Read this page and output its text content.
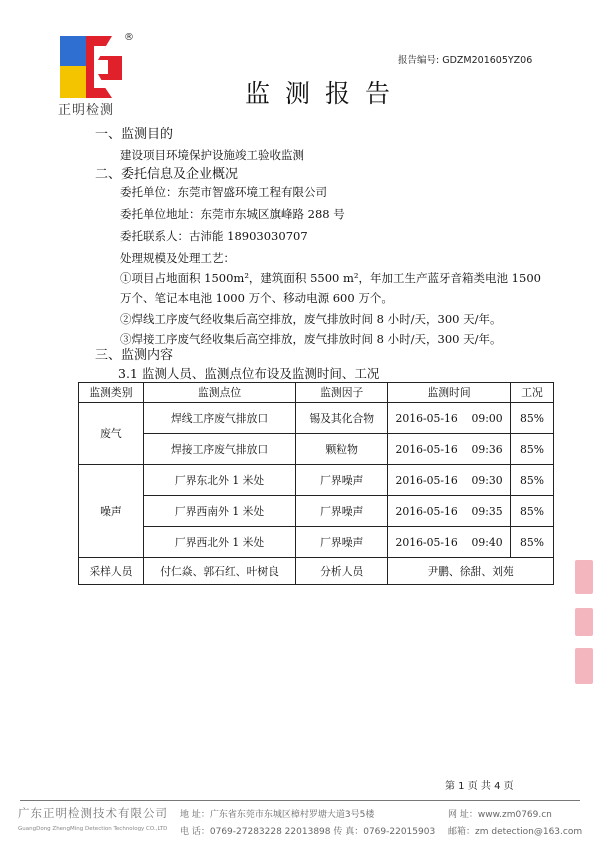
®
正明检测
报告编号: GDZM201605YZ06
监测报告
一、监测目的
建设项目环境保护设施竣工验收监测
二、委托信息及企业概况
委托单位：东莞市智盛环境工程有限公司
委托单位地址：东莞市东城区旗峰路 288 号
委托联系人：古沛能 18903030707
处理规模及处理工艺：
①项目占地面积 1500m²，建筑面积 5500 m²，年加工生产蓝牙音箱类电池 1500
万个、笔记本电池 1000 万个、移动电源 600 万个。
②焊线工序废气经收集后高空排放，废气排放时间 8 小时/天，300 天/年。
③焊接工序废气经收集后高空排放，废气排放时间 8 小时/天，300 天/年。
三、监测内容
3.1 监测人员、监测点位布设及监测时间、工况
监测类别	监测点位	监测因子	监测时间	工况
废气	焊线工序废气排放口	锡及其化合物	2016-05-16    09:00	85%
	焊接工序废气排放口	颗粒物	2016-05-16    09:36	85%
噪声	厂界东北外 1 米处	厂界噪声	2016-05-16    09:30	85%
	厂界西南外 1 米处	厂界噪声	2016-05-16    09:35	85%
	厂界西北外 1 米处	厂界噪声	2016-05-16    09:40	85%
采样人员	付仁焱、郭石红、叶树良	分析人员	尹鹏、徐甜、刘苑	
第 1 页 共 4 页
广东正明检测技术有限公司
GuangDong ZhengMing Detection Technology CO.,LTD
地 址：广东省东莞市东城区樟村罗塘大道3号5楼
电 话：0769-27283228 22013898 传 真：0769-22015903
网 址：www.zm0769.cn
邮箱：zm detection@163.com
